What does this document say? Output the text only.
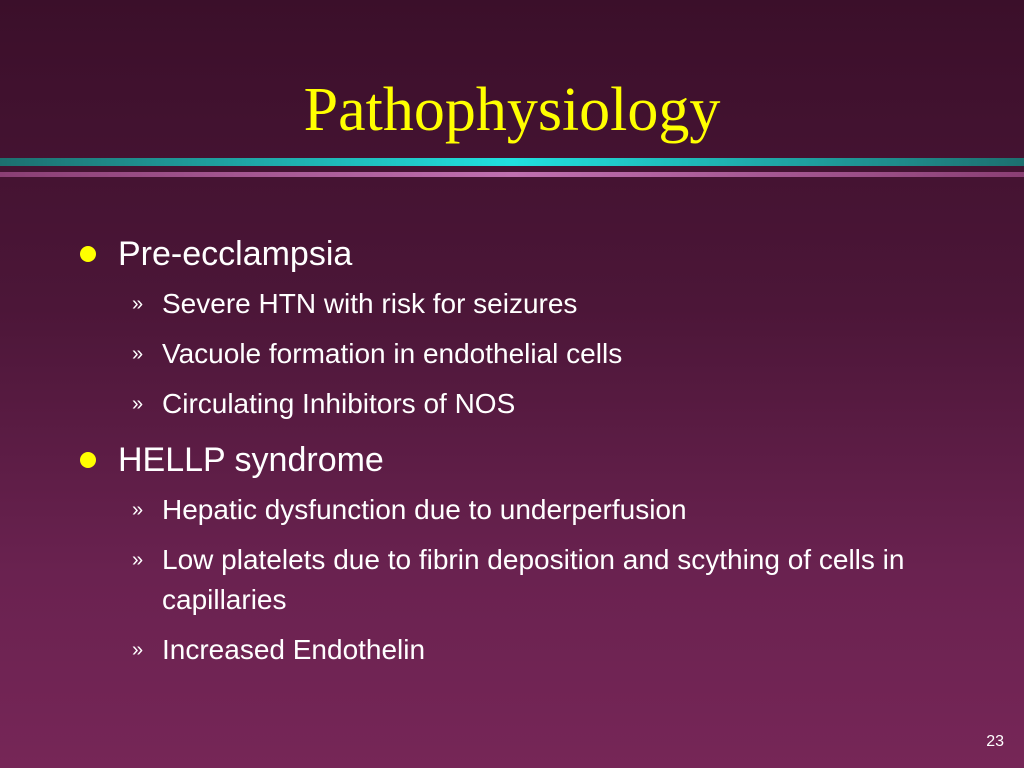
Pathophysiology
Pre-ecclampsia
» Severe HTN with risk for seizures
» Vacuole formation in endothelial cells
» Circulating Inhibitors of NOS
HELLP syndrome
» Hepatic dysfunction due to underperfusion
» Low platelets due to fibrin deposition and scything of cells in capillaries
» Increased Endothelin
23
